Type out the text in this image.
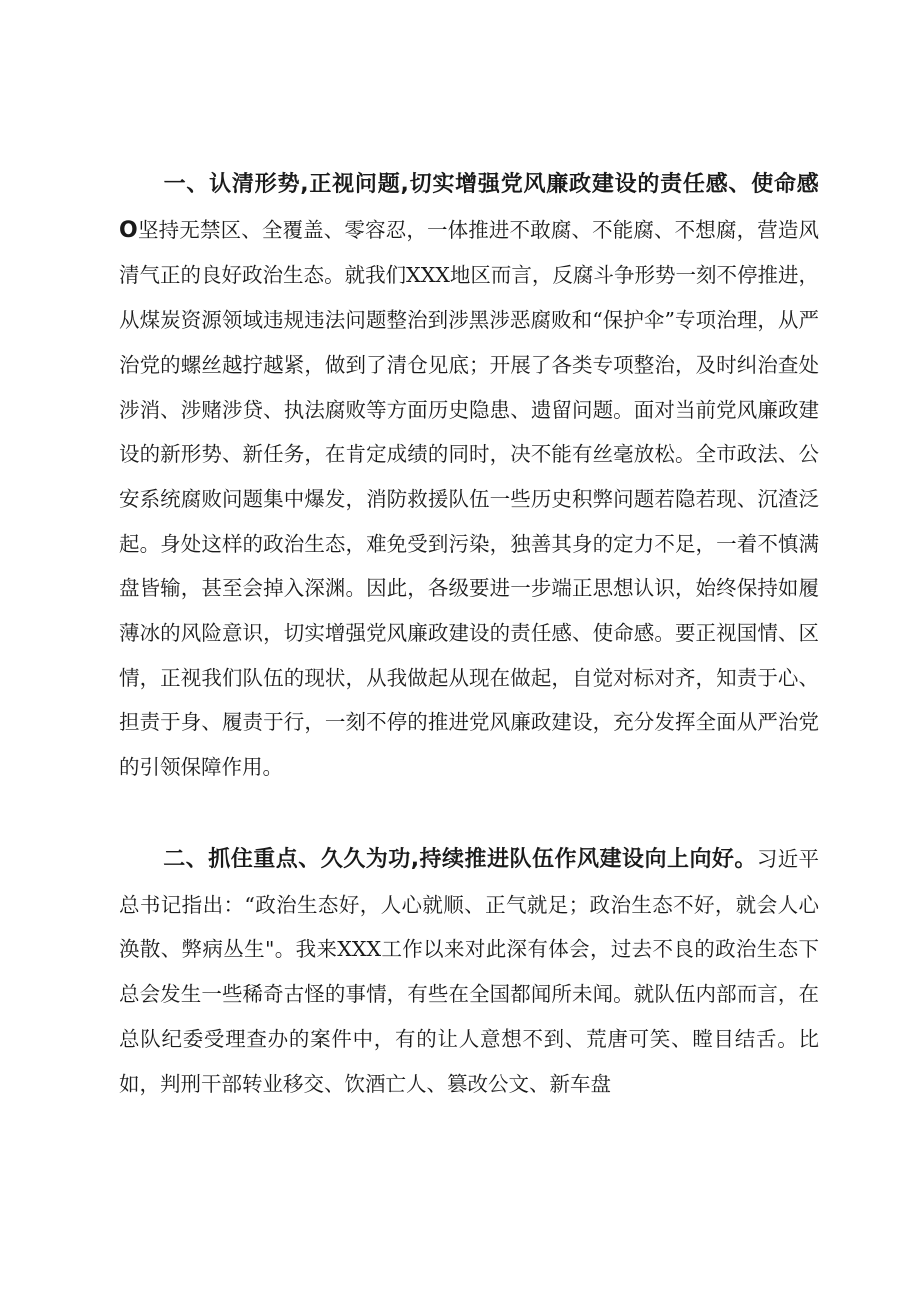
一、认清形势,正视问题,切实增强党风廉政建设的责任感、使命感O坚持无禁区、全覆盖、零容忍，一体推进不敢腐、不能腐、不想腐，营造风清气正的良好政治生态。就我们XXX地区而言，反腐斗争形势一刻不停推进，从煤炭资源领域违规违法问题整治到涉黑涉恶腐败和“保护伞”专项治理，从严治党的螺丝越拧越紧，做到了清仓见底；开展了各类专项整治，及时纠治查处涉消、涉赌涉贷、执法腐败等方面历史隐患、遗留问题。面对当前党风廉政建设的新形势、新任务，在肯定成绩的同时，决不能有丝毫放松。全市政法、公安系统腐败问题集中爆发，消防救援队伍一些历史积弊问题若隐若现、沉渣泛起。身处这样的政治生态，难免受到污染，独善其身的定力不足，一着不慎满盘皆输，甚至会掉入深渊。因此，各级要进一步端正思想认识，始终保持如履薄冰的风险意识，切实增强党风廉政建设的责任感、使命感。要正视国情、区情，正视我们队伍的现状，从我做起从现在做起，自觉对标对齐，知责于心、担责于身、履责于行，一刻不停的推进党风廉政建设，充分发挥全面从严治党的引领保障作用。

二、抓住重点、久久为功,持续推进队伍作风建设向上向好。习近平总书记指出：“政治生态好，人心就顺、正气就足；政治生态不好，就会人心涣散、弊病丛生"。我来XXX工作以来对此深有体会，过去不良的政治生态下总会发生一些稀奇古怪的事情，有些在全国都闻所未闻。就队伍内部而言，在总队纪委受理查办的案件中，有的让人意想不到、荒唐可笑、瞠目结舌。比如，判刑干部转业移交、饮酒亡人、篡改公文、新车盘
